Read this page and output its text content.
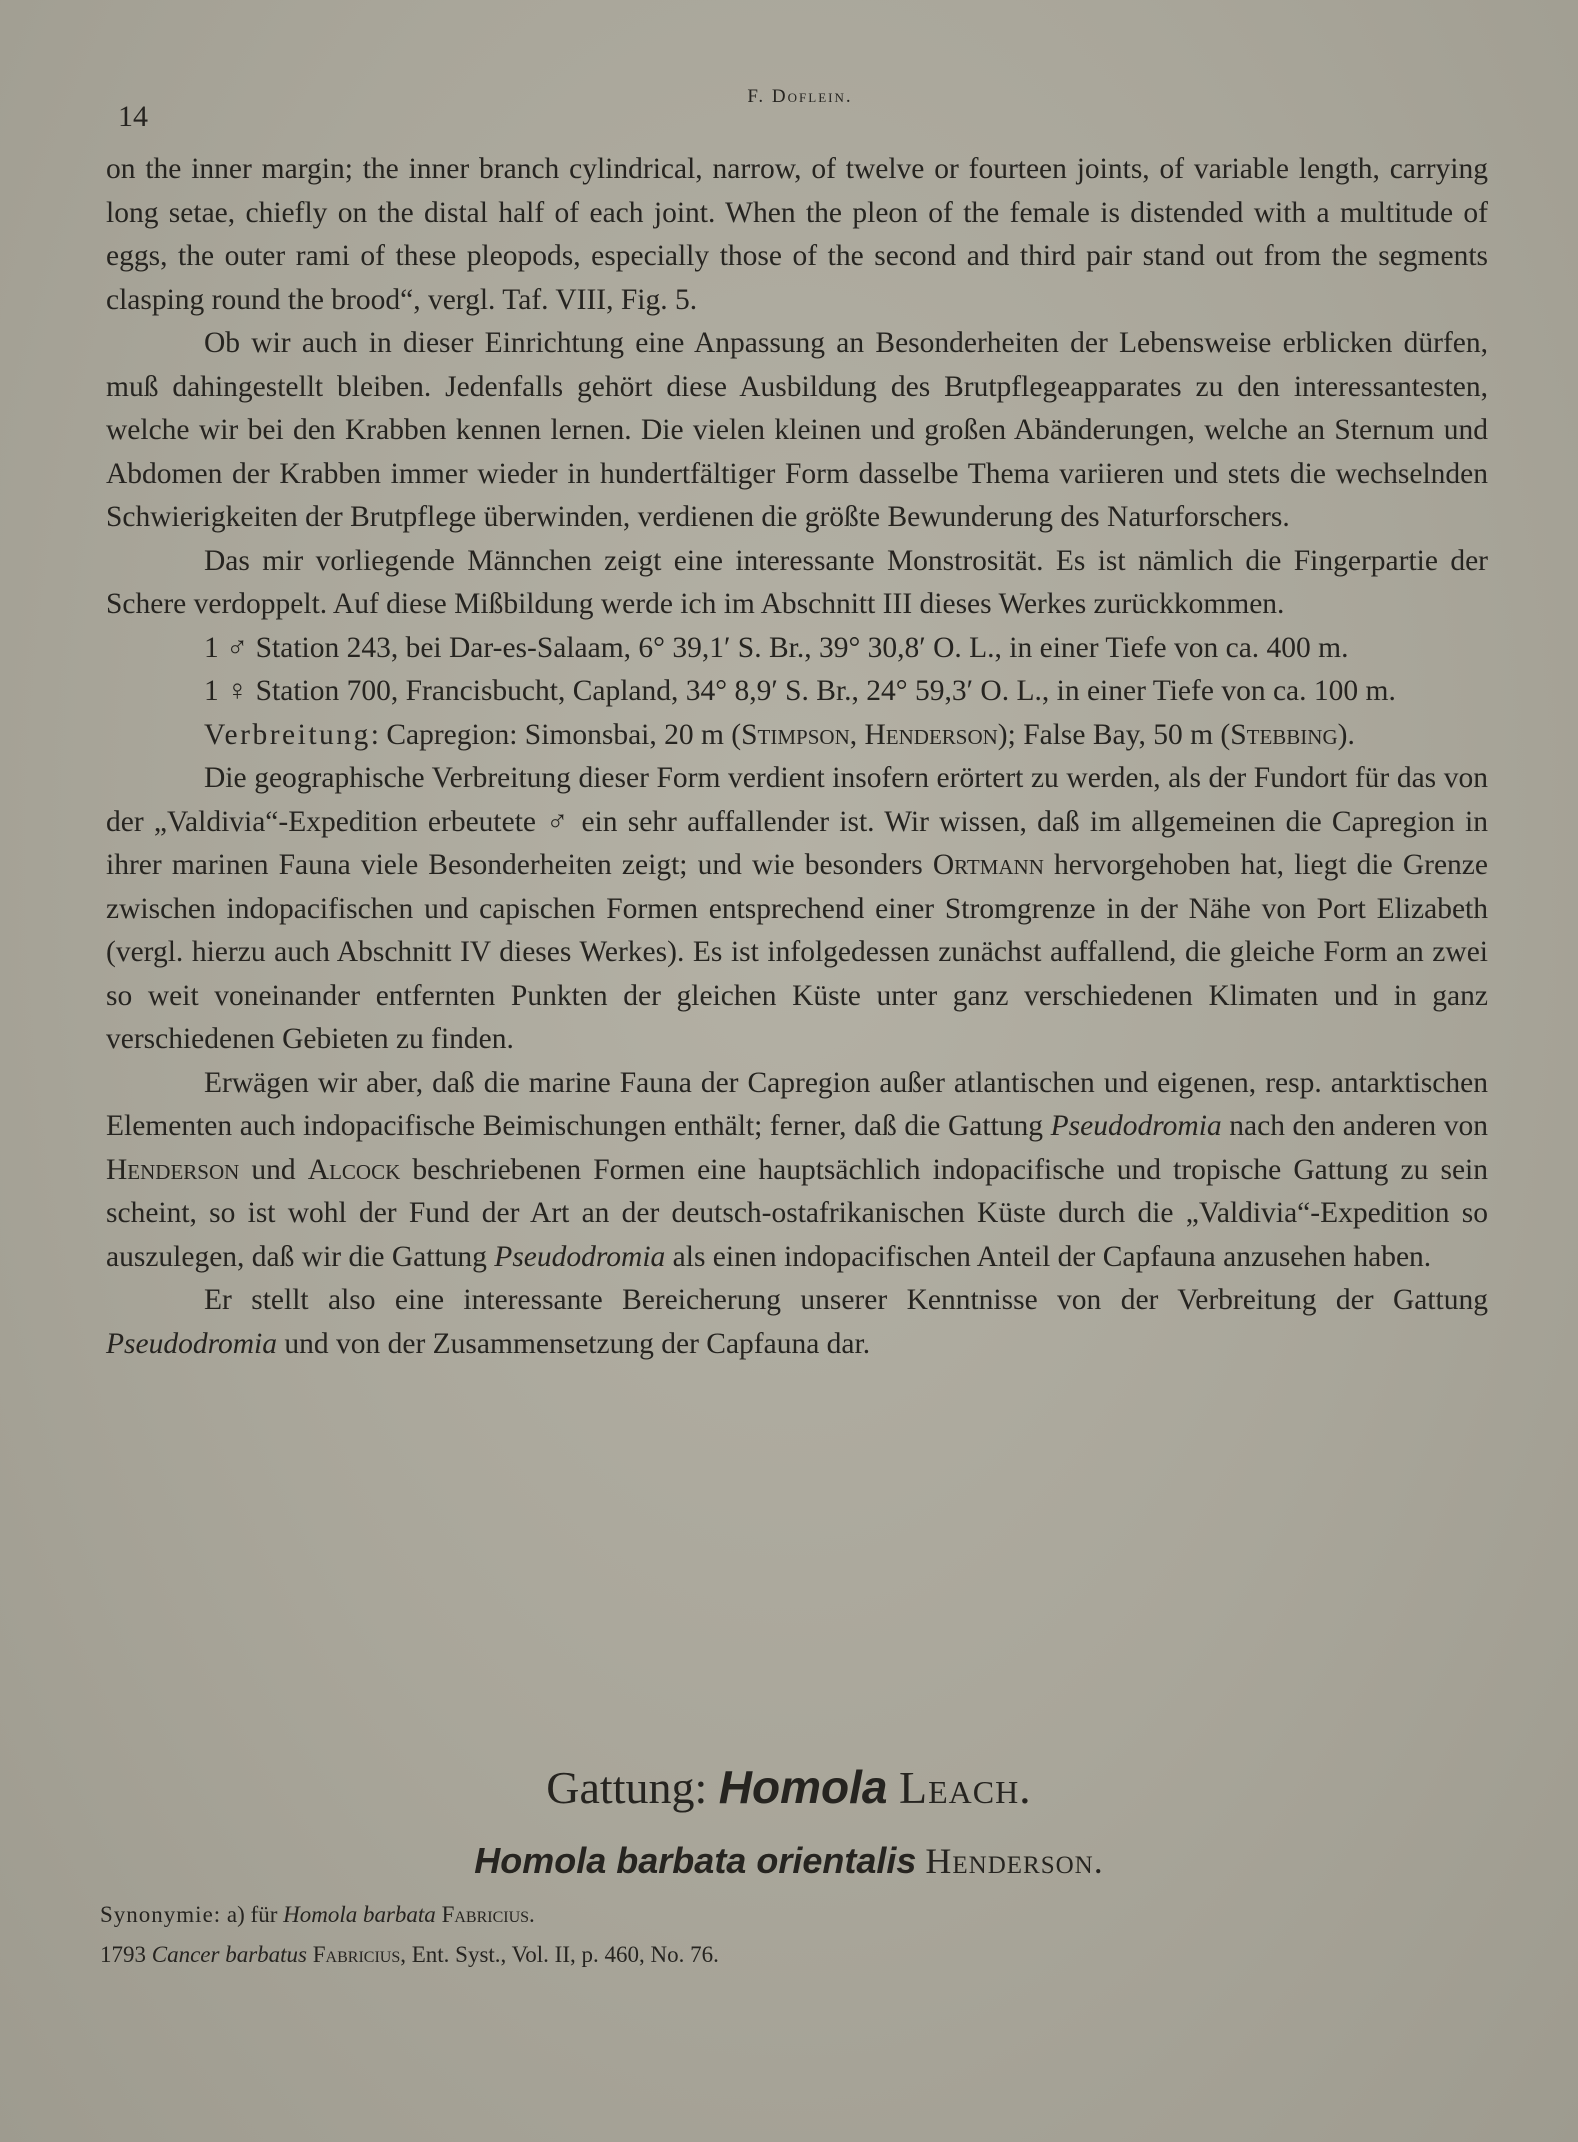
14
F. Doflein.

on the inner margin; the inner branch cylindrical, narrow, of twelve or fourteen joints, of variable length, carrying long setae, chiefly on the distal half of each joint. When the pleon of the female is distended with a multitude of eggs, the outer rami of these pleopods, especially those of the second and third pair stand out from the segments clasping round the brood“, vergl. Taf. VIII, Fig. 5.

Ob wir auch in dieser Einrichtung eine Anpassung an Besonderheiten der Lebensweise erblicken dürfen, muß dahingestellt bleiben. Jedenfalls gehört diese Ausbildung des Brutpflegeapparates zu den interessantesten, welche wir bei den Krabben kennen lernen. Die vielen kleinen und großen Abänderungen, welche an Sternum und Abdomen der Krabben immer wieder in hundertfältiger Form dasselbe Thema variieren und stets die wechselnden Schwierigkeiten der Brutpflege überwinden, verdienen die größte Bewunderung des Naturforschers.

Das mir vorliegende Männchen zeigt eine interessante Monstrosität. Es ist nämlich die Fingerpartie der Schere verdoppelt. Auf diese Mißbildung werde ich im Abschnitt III dieses Werkes zurückkommen.

1 ♂ Station 243, bei Dar-es-Salaam, 6° 39,1′ S. Br., 39° 30,8′ O. L., in einer Tiefe von ca. 400 m.

1 ♀ Station 700, Francisbucht, Capland, 34° 8,9′ S. Br., 24° 59,3′ O. L., in einer Tiefe von ca. 100 m.

Verbreitung: Capregion: Simonsbai, 20 m (Stimpson, Henderson); False Bay, 50 m (Stebbing).

Die geographische Verbreitung dieser Form verdient insofern erörtert zu werden, als der Fundort für das von der „Valdivia“-Expedition erbeutete ♂ ein sehr auffallender ist. Wir wissen, daß im allgemeinen die Capregion in ihrer marinen Fauna viele Besonderheiten zeigt; und wie besonders Ortmann hervorgehoben hat, liegt die Grenze zwischen indopacifischen und capischen Formen entsprechend einer Stromgrenze in der Nähe von Port Elizabeth (vergl. hierzu auch Abschnitt IV dieses Werkes). Es ist infolgedessen zunächst auffallend, die gleiche Form an zwei so weit voneinander entfernten Punkten der gleichen Küste unter ganz verschiedenen Klimaten und in ganz verschiedenen Gebieten zu finden.

Erwägen wir aber, daß die marine Fauna der Capregion außer atlantischen und eigenen, resp. antarktischen Elementen auch indopacifische Beimischungen enthält; ferner, daß die Gattung Pseudodromia nach den anderen von Henderson und Alcock beschriebenen Formen eine hauptsächlich indopacifische und tropische Gattung zu sein scheint, so ist wohl der Fund der Art an der deutsch-ostafrikanischen Küste durch die „Valdivia“-Expedition so auszulegen, daß wir die Gattung Pseudodromia als einen indopacifischen Anteil der Capfauna anzusehen haben.

Er stellt also eine interessante Bereicherung unserer Kenntnisse von der Verbreitung der Gattung Pseudodromia und von der Zusammensetzung der Capfauna dar.

Gattung: Homola Leach.
Homola barbata orientalis Henderson.
Synonymie: a) für Homola barbata Fabricius.
1793 Cancer barbatus Fabricius, Ent. Syst., Vol. II, p. 460, No. 76.
